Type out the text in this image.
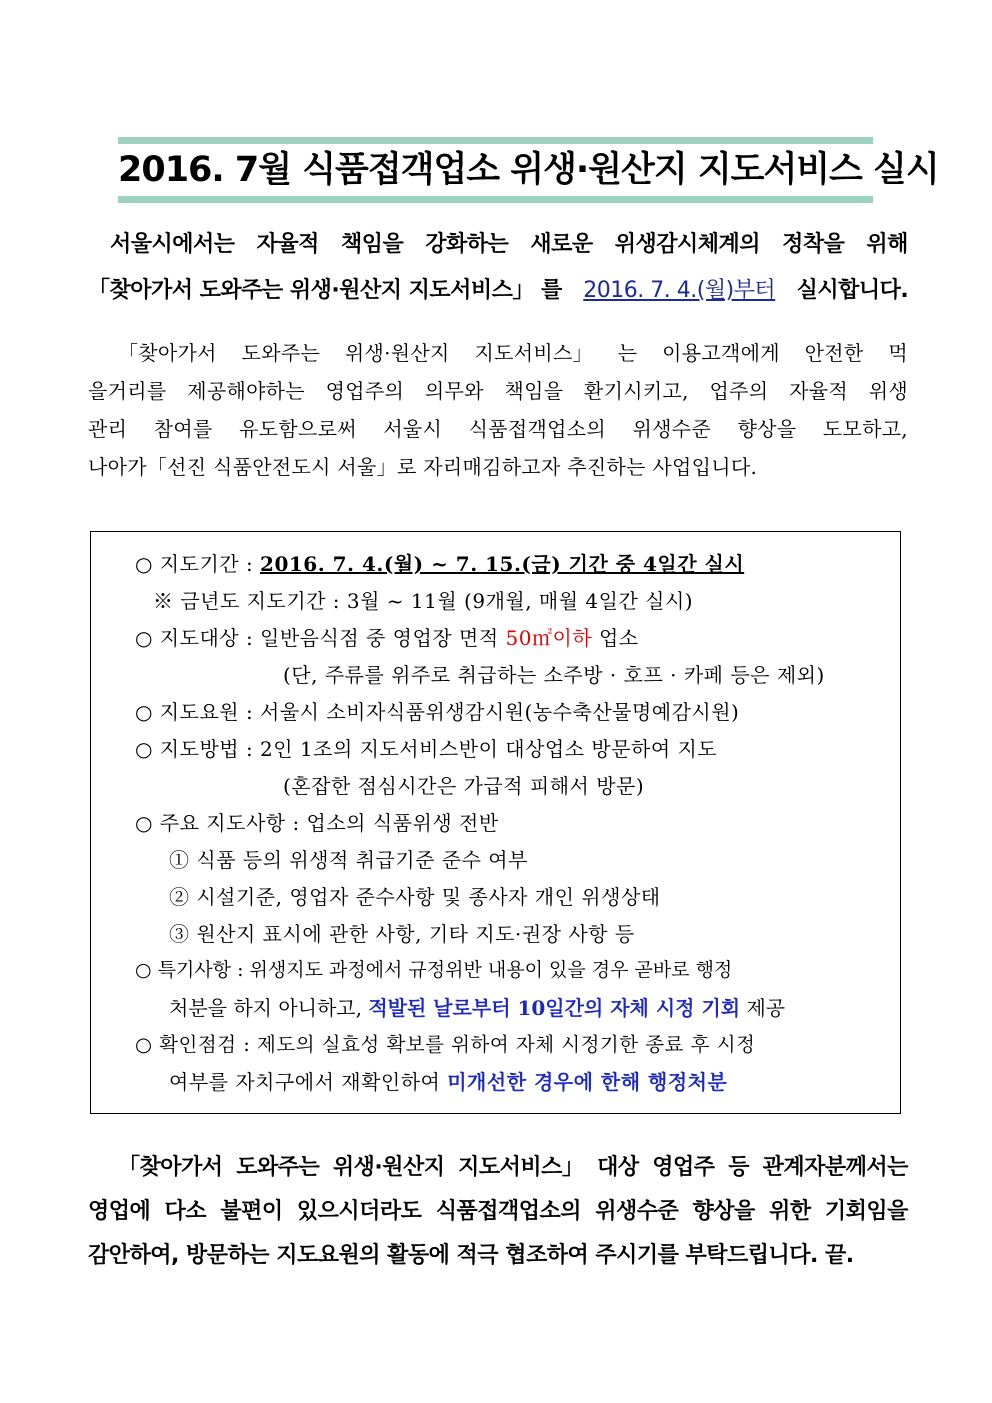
2016. 7월 식품접객업소 위생·원산지 지도서비스 실시
서울시에서는 자율적 책임을 강화하는 새로운 위생감시체계의 정착을 위해
「찾아가서 도와주는 위생·원산지 지도서비스」 를 2016. 7. 4.(월)부터 실시합니다.
「찾아가서 도와주는 위생·원산지 지도서비스」 는 이용고객에게 안전한 먹
을거리를 제공해야하는 영업주의 의무와 책임을 환기시키고, 업주의 자율적 위생
관리 참여를 유도함으로써 서울시 식품접객업소의 위생수준 향상을 도모하고,
나아가「선진 식품안전도시 서울」로 자리매김하고자 추진하는 사업입니다.
○ 지도기간 : 2016. 7. 4.(월) ~ 7. 15.(금) 기간 중 4일간 실시
※ 금년도 지도기간 : 3월 ~ 11월 (9개월, 매월 4일간 실시)
○ 지도대상 : 일반음식점 중 영업장 면적 50㎡이하 업소
(단, 주류를 위주로 취급하는 소주방 · 호프 · 카페 등은 제외)
○ 지도요원 : 서울시 소비자식품위생감시원(농수축산물명예감시원)
○ 지도방법 : 2인 1조의 지도서비스반이 대상업소 방문하여 지도
(혼잡한 점심시간은 가급적 피해서 방문)
○ 주요 지도사항 : 업소의 식품위생 전반
① 식품 등의 위생적 취급기준 준수 여부
② 시설기준, 영업자 준수사항 및 종사자 개인 위생상태
③ 원산지 표시에 관한 사항, 기타 지도·권장 사항 등
○ 특기사항 : 위생지도 과정에서 규정위반 내용이 있을 경우 곧바로 행정
처분을 하지 아니하고, 적발된 날로부터 10일간의 자체 시정 기회 제공
○ 확인점검 : 제도의 실효성 확보를 위하여 자체 시정기한 종료 후 시정
여부를 자치구에서 재확인하여 미개선한 경우에 한해 행정처분
「찾아가서 도와주는 위생·원산지 지도서비스」 대상 영업주 등 관계자분께서는
영업에 다소 불편이 있으시더라도 식품접객업소의 위생수준 향상을 위한 기회임을
감안하여, 방문하는 지도요원의 활동에 적극 협조하여 주시기를 부탁드립니다. 끝.
